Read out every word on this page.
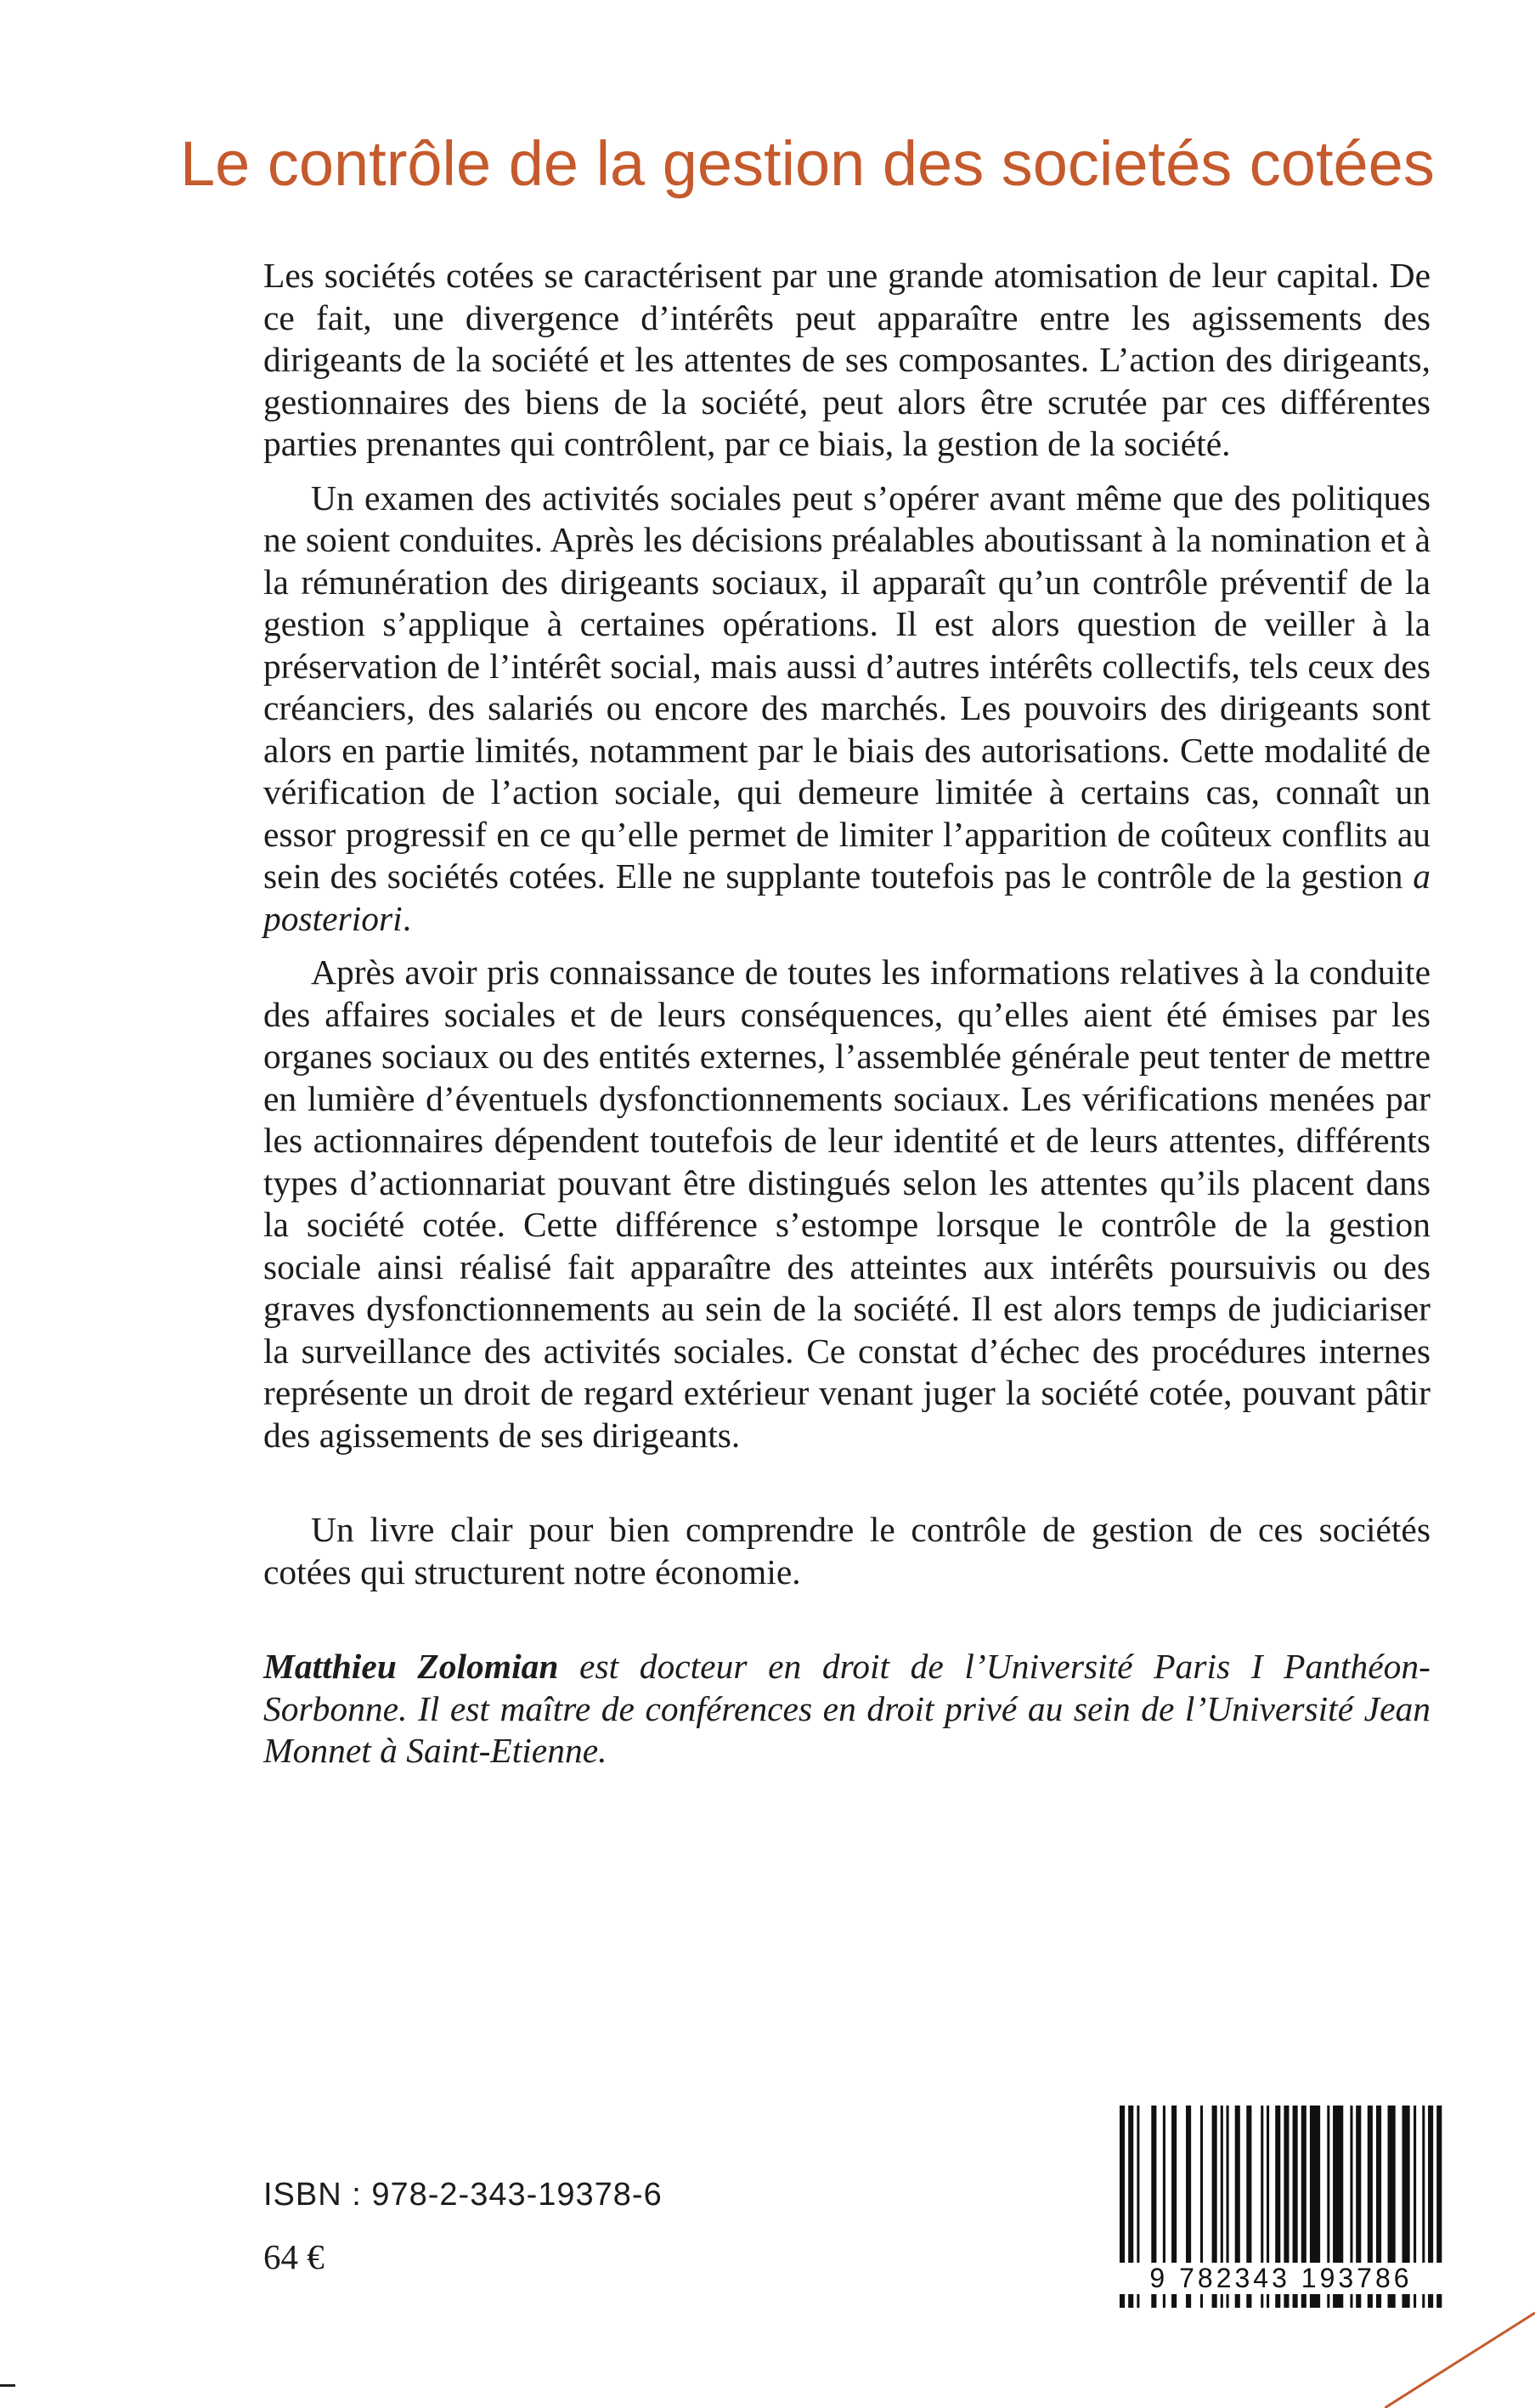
Le contrôle de la gestion des societés cotées

Les sociétés cotées se caractérisent par une grande atomisation de leur capital. De ce fait, une divergence d’intérêts peut apparaître entre les agissements des dirigeants de la société et les attentes de ses composantes. L’action des dirigeants, gestionnaires des biens de la société, peut alors être scrutée par ces différentes parties prenantes qui contrôlent, par ce biais, la gestion de la société.

Un examen des activités sociales peut s’opérer avant même que des politiques ne soient conduites. Après les décisions préalables aboutissant à la nomination et à la rémunération des dirigeants sociaux, il apparaît qu’un contrôle préventif de la gestion s’applique à certaines opérations. Il est alors question de veiller à la préservation de l’intérêt social, mais aussi d’autres intérêts collectifs, tels ceux des créanciers, des salariés ou encore des marchés. Les pouvoirs des dirigeants sont alors en partie limités, notamment par le biais des autorisations. Cette modalité de vérification de l’action sociale, qui demeure limitée à certains cas, connaît un essor progressif en ce qu’elle permet de limiter l’apparition de coûteux conflits au sein des sociétés cotées. Elle ne supplante toutefois pas le contrôle de la gestion a posteriori.

Après avoir pris connaissance de toutes les informations relatives à la conduite des affaires sociales et de leurs conséquences, qu’elles aient été émises par les organes sociaux ou des entités externes, l’assemblée générale peut tenter de mettre en lumière d’éventuels dysfonctionnements sociaux. Les vérifications menées par les actionnaires dépendent toutefois de leur identité et de leurs attentes, différents types d’actionnariat pouvant être distingués selon les attentes qu’ils placent dans la société cotée. Cette différence s’estompe lorsque le contrôle de la gestion sociale ainsi réalisé fait apparaître des atteintes aux intérêts poursuivis ou des graves dysfonctionnements au sein de la société. Il est alors temps de judiciariser la surveillance des activités sociales. Ce constat d’échec des procédures internes représente un droit de regard extérieur venant juger la société cotée, pouvant pâtir des agissements de ses dirigeants.

Un livre clair pour bien comprendre le contrôle de gestion de ces sociétés cotées qui structurent notre économie.

Matthieu Zolomian est docteur en droit de l’Université Paris I Panthéon-Sorbonne. Il est maître de conférences en droit privé au sein de l’Université Jean Monnet à Saint-Etienne.

ISBN : 978-2-343-19378-6
64 €
9 782343 193786
